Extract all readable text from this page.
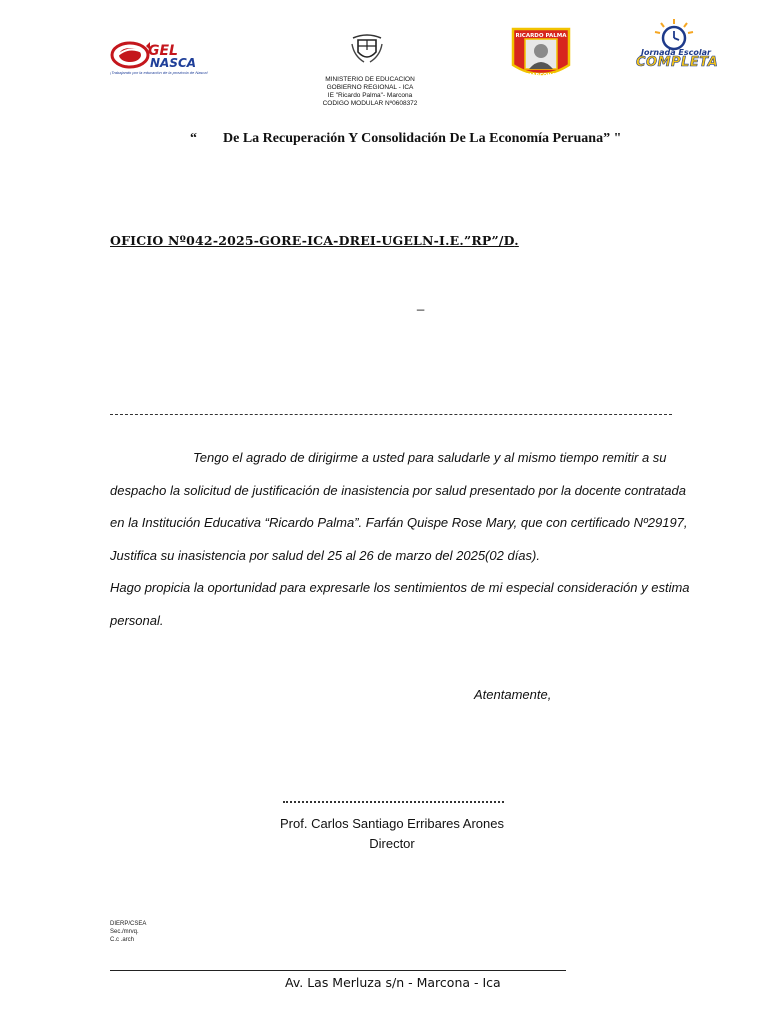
GEL
NASCA
¡Trabajando por la educación de la provincia de Nasca!
MINISTERIO DE EDUCACION
GOBIERNO REGIONAL - ICA
IE "Ricardo Palma"- Marcona
CODIGO MODULAR Nº0608372
RICARDO PALMA
MARCONA
Jornada Escolar
COMPLETA
“ De La Recuperación Y Consolidación De La Economía Peruana” "
OFICIO Nº042-2025-GORE-ICA-DREI-UGELN-I.E.”RP”/D.
_
Tengo el agrado de dirigirme a usted para saludarle y al mismo tiempo remitir a su
despacho la solicitud de justificación de inasistencia por salud presentado por la docente contratada
en la Institución Educativa “Ricardo Palma”. Farfán Quispe Rose Mary, que con certificado Nº29197,
Justifica su inasistencia por salud del 25 al 26 de marzo del 2025(02 días).
Hago propicia la oportunidad para expresarle los sentimientos de mi especial consideración y estima
personal.
Atentamente,
Prof. Carlos Santiago Erribares Arones
Director
DIERP/CSEA
Sec./mrvq.
C.c .arch
Av. Las Merluza s/n - Marcona - Ica
